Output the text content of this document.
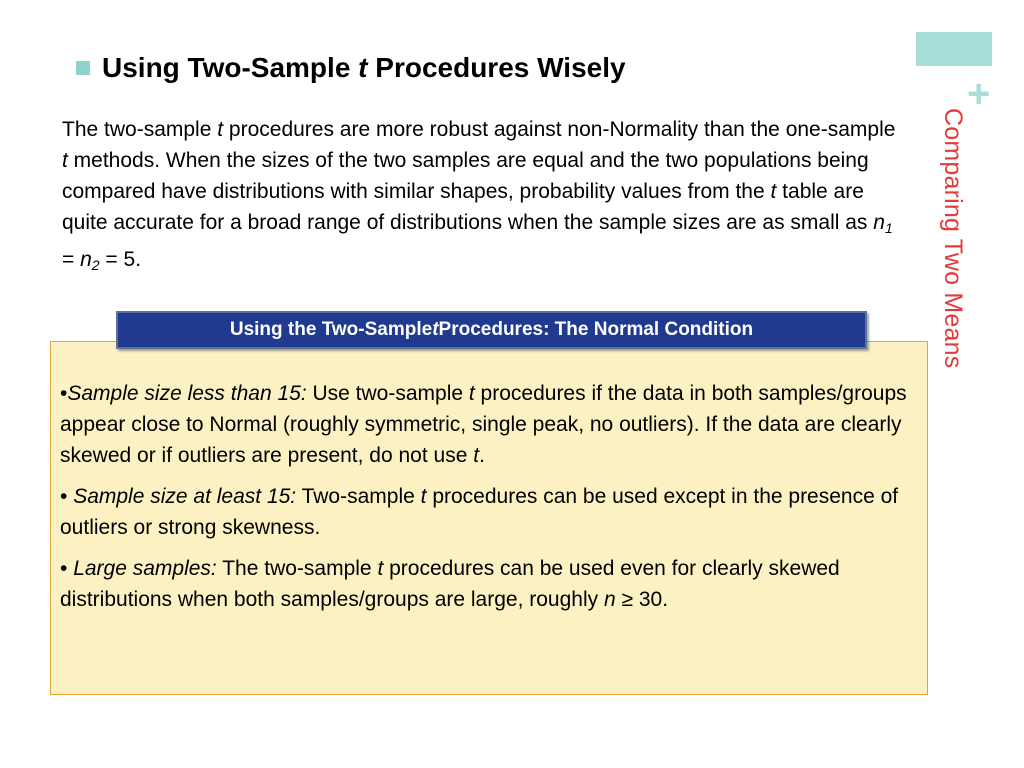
+
Comparing Two Means
Using Two-Sample t Procedures Wisely
The two-sample t procedures are more robust against non-Normality than the one-sample t methods. When the sizes of the two samples are equal and the two populations being compared have distributions with similar shapes, probability values from the t table are quite accurate for a broad range of distributions when the sample sizes are as small as $n_1 = n_2 = 5$.
Using the Two-Sample t Procedures: The Normal Condition

•Sample size less than 15: Use two-sample t procedures if the data in both samples/groups appear close to Normal (roughly symmetric, single peak, no outliers). If the data are clearly skewed or if outliers are present, do not use t.

• Sample size at least 15: Two-sample t procedures can be used except in the presence of outliers or strong skewness.

• Large samples: The two-sample t procedures can be used even for clearly skewed distributions when both samples/groups are large, roughly n ≥ 30.
